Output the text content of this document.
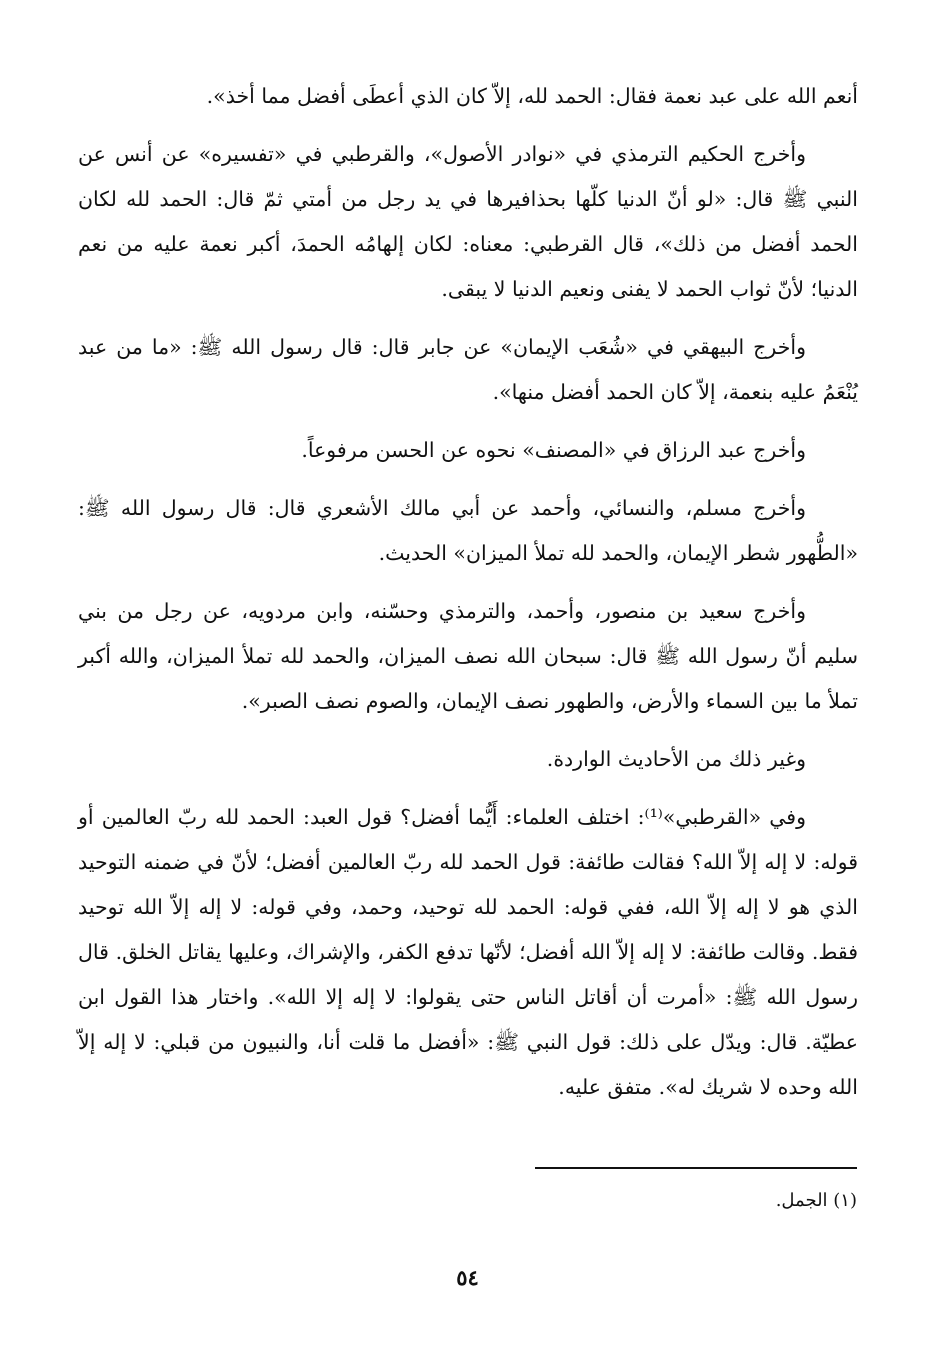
أنعم الله على عبد نعمة فقال: الحمد لله، إلاّ كان الذي أعطَى أفضل مما أخذ».

وأخرج الحكيم الترمذي في «نوادر الأصول»، والقرطبي في «تفسيره» عن أنس عن النبي ﷺ قال: «لو أنّ الدنيا كلّها بحذافيرها في يد رجل من أمتي ثمّ قال: الحمد لله لكان الحمد أفضل من ذلك»، قال القرطبي: معناه: لكان إلهامُه الحمدَ، أكبر نعمة عليه من نعم الدنيا؛ لأنّ ثواب الحمد لا يفنى ونعيم الدنيا لا يبقى.

وأخرج البيهقي في «شُعَب الإيمان» عن جابر قال: قال رسول الله ﷺ: «ما من عبد يُنْعَمُ عليه بنعمة، إلاّ كان الحمد أفضل منها».

وأخرج عبد الرزاق في «المصنف» نحوه عن الحسن مرفوعاً.

وأخرج مسلم، والنسائي، وأحمد عن أبي مالك الأشعري قال: قال رسول الله ﷺ: «الطُّهور شطر الإيمان، والحمد لله تملأ الميزان» الحديث.

وأخرج سعيد بن منصور، وأحمد، والترمذي وحسّنه، وابن مردويه، عن رجل من بني سليم أنّ رسول الله ﷺ قال: سبحان الله نصف الميزان، والحمد لله تملأ الميزان، والله أكبر تملأ ما بين السماء والأرض، والطهور نصف الإيمان، والصوم نصف الصبر».

وغير ذلك من الأحاديث الواردة.

وفي «القرطبي»⁽¹⁾: اختلف العلماء: أَيُّما أفضل؟ قول العبد: الحمد لله ربّ العالمين أو قوله: لا إله إلاّ الله؟ فقالت طائفة: قول الحمد لله ربّ العالمين أفضل؛ لأنّ في ضمنه التوحيد الذي هو لا إله إلاّ الله، ففي قوله: الحمد لله توحيد، وحمد، وفي قوله: لا إله إلاّ الله توحيد فقط. وقالت طائفة: لا إله إلاّ الله أفضل؛ لأنّها تدفع الكفر، والإشراك، وعليها يقاتل الخلق. قال رسول الله ﷺ: «أمرت أن أقاتل الناس حتى يقولوا: لا إله إلا الله». واختار هذا القول ابن عطيّة. قال: ويدّل على ذلك: قول النبي ﷺ: «أفضل ما قلت أنا، والنبيون من قبلي: لا إله إلاّ الله وحده لا شريك له». متفق عليه.

(١) الجمل.
٥٤
